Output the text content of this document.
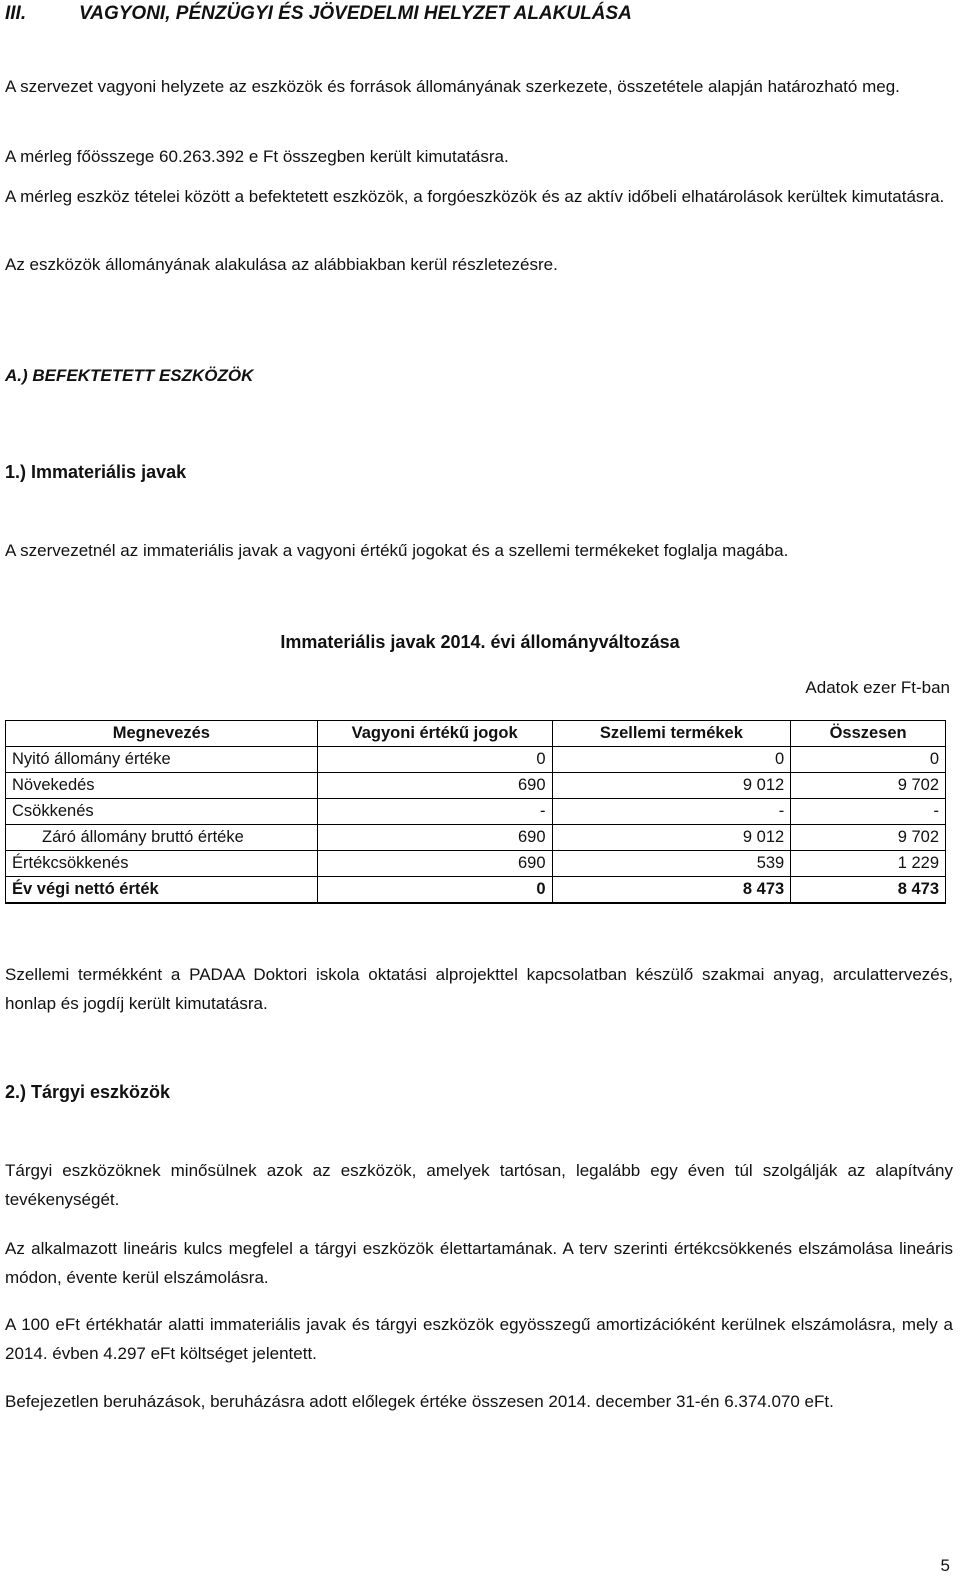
III.	VAGYONI, PÉNZÜGYI ÉS JÖVEDELMI HELYZET ALAKULÁSA

A szervezet vagyoni helyzete az eszközök és források állományának szerkezete, összetétele alapján határozható meg.

A mérleg főösszege 60.263.392 e Ft összegben került kimutatásra.

A mérleg eszköz tételei között a befektetett eszközök, a forgóeszközök és az aktív időbeli elhatárolások kerültek kimutatásra.

Az eszközök állományának alakulása az alábbiakban kerül részletezésre.

A.) BEFEKTETETT ESZKÖZÖK
1.) Immateriális javak

A szervezetnél az immateriális javak a vagyoni értékű jogokat és a szellemi termékeket foglalja magába.

Immateriális javak 2014. évi állományváltozása
Adatok ezer Ft-ban
Megnevezés	Vagyoni értékű jogok	Szellemi termékek	Összesen
Nyitó állomány értéke	0	0	0
Növekedés	690	9 012	9 702
Csökkenés	-	-	-
Záró állomány bruttó értéke	690	9 012	9 702
Értékcsökkenés	690	539	1 229
Év végi nettó érték	0	8 473	8 473

Szellemi termékként a PADAA Doktori iskola oktatási alprojekttel kapcsolatban készülő szakmai anyag, arculattervezés, honlap és jogdíj került kimutatásra.

2.) Tárgyi eszközök

Tárgyi eszközöknek minősülnek azok az eszközök, amelyek tartósan, legalább egy éven túl szolgálják az alapítvány tevékenységét.

Az alkalmazott lineáris kulcs megfelel a tárgyi eszközök élettartamának. A terv szerinti értékcsökkenés elszámolása lineáris módon, évente kerül elszámolásra.

A 100 eFt értékhatár alatti immateriális javak és tárgyi eszközök egyösszegű amortizációként kerülnek elszámolásra, mely a 2014. évben 4.297 eFt költséget jelentett.

Befejezetlen beruházások, beruházásra adott előlegek értéke összesen 2014. december 31-én 6.374.070 eFt.

5
